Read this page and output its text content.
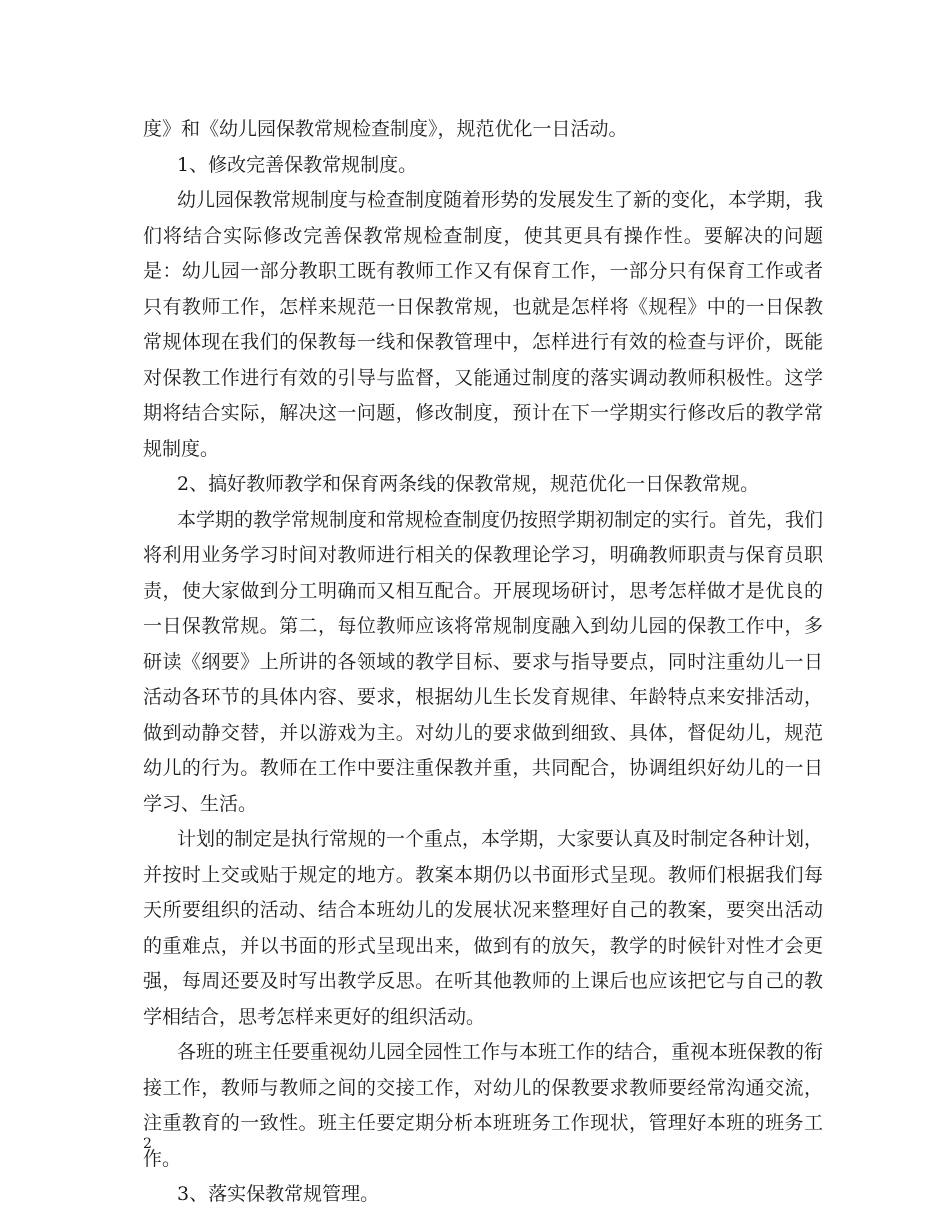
度》和《幼儿园保教常规检查制度》，规范优化一日活动。

1、修改完善保教常规制度。

幼儿园保教常规制度与检查制度随着形势的发展发生了新的变化，本学期，我们将结合实际修改完善保教常规检查制度，使其更具有操作性。要解决的问题是：幼儿园一部分教职工既有教师工作又有保育工作，一部分只有保育工作或者只有教师工作，怎样来规范一日保教常规，也就是怎样将《规程》中的一日保教常规体现在我们的保教每一线和保教管理中，怎样进行有效的检查与评价，既能对保教工作进行有效的引导与监督，又能通过制度的落实调动教师积极性。这学期将结合实际，解决这一问题，修改制度，预计在下一学期实行修改后的教学常规制度。

2、搞好教师教学和保育两条线的保教常规，规范优化一日保教常规。

本学期的教学常规制度和常规检查制度仍按照学期初制定的实行。首先，我们将利用业务学习时间对教师进行相关的保教理论学习，明确教师职责与保育员职责，使大家做到分工明确而又相互配合。开展现场研讨，思考怎样做才是优良的一日保教常规。第二，每位教师应该将常规制度融入到幼儿园的保教工作中，多研读《纲要》上所讲的各领域的教学目标、要求与指导要点，同时注重幼儿一日活动各环节的具体内容、要求，根据幼儿生长发育规律、年龄特点来安排活动，做到动静交替，并以游戏为主。对幼儿的要求做到细致、具体，督促幼儿，规范幼儿的行为。教师在工作中要注重保教并重，共同配合，协调组织好幼儿的一日学习、生活。

计划的制定是执行常规的一个重点，本学期，大家要认真及时制定各种计划，并按时上交或贴于规定的地方。教案本期仍以书面形式呈现。教师们根据我们每天所要组织的活动、结合本班幼儿的发展状况来整理好自己的教案，要突出活动的重难点，并以书面的形式呈现出来，做到有的放矢，教学的时候针对性才会更强，每周还要及时写出教学反思。在听其他教师的上课后也应该把它与自己的教学相结合，思考怎样来更好的组织活动。

各班的班主任要重视幼儿园全园性工作与本班工作的结合，重视本班保教的衔接工作，教师与教师之间的交接工作，对幼儿的保教要求教师要经常沟通交流，注重教育的一致性。班主任要定期分析本班班务工作现状，管理好本班的班务工作。

3、落实保教常规管理。

2
